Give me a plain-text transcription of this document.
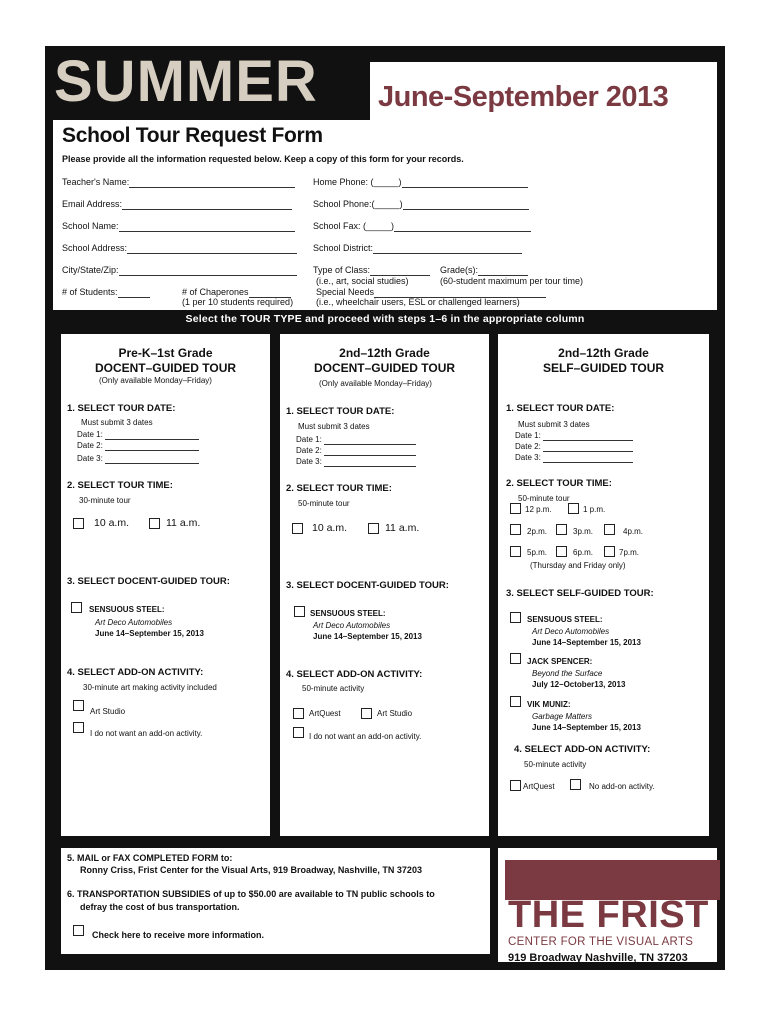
SUMMER June-September 2013
School Tour Request Form
Please provide all the information requested below. Keep a copy of this form for your records.
Teacher's Name:	Home Phone: (_____)
Email Address:	School Phone:(_____)
School Name:	School Fax: (_____)
School Address:	School District:
City/State/Zip:	Type of Class:	Grade(s):
(i.e., art, social studies)	(60-student maximum per tour time)
# of Students:	# of Chaperones	Special Needs
(1 per 10 students required)	(i.e., wheelchair users, ESL or challenged learners)
Select the TOUR TYPE and proceed with steps 1–6 in the appropriate column
Pre-K–1st Grade
DOCENT–GUIDED TOUR
(Only available Monday–Friday)
1. SELECT TOUR DATE:
Must submit 3 dates
Date 1:
Date 2:
Date 3:
2. SELECT TOUR TIME:
30-minute tour
10 a.m.	11 a.m.
3. SELECT DOCENT-GUIDED TOUR:
SENSUOUS STEEL:
Art Deco Automobiles
June 14–September 15, 2013
4. SELECT ADD-ON ACTIVITY:
30-minute art making activity included
Art Studio
I do not want an add-on activity.
2nd–12th Grade
DOCENT–GUIDED TOUR
(Only available Monday–Friday)
1. SELECT TOUR DATE:
Must submit 3 dates
Date 1:
Date 2:
Date 3:
2. SELECT TOUR TIME:
50-minute tour
10 a.m.	11 a.m.
3. SELECT DOCENT-GUIDED TOUR:
SENSUOUS STEEL:
Art Deco Automobiles
June 14–September 15, 2013
4. SELECT ADD-ON ACTIVITY:
50-minute activity
ArtQuest	Art Studio
I do not want an add-on activity.
2nd–12th Grade
SELF–GUIDED TOUR
1. SELECT TOUR DATE:
Must submit 3 dates
Date 1:
Date 2:
Date 3:
2. SELECT TOUR TIME:
50-minute tour
12 p.m.	1 p.m.
2p.m.	3p.m.	4p.m.
5p.m.	6p.m.	7p.m.
(Thursday and Friday only)
3. SELECT SELF-GUIDED TOUR:
SENSUOUS STEEL:
Art Deco Automobiles
June 14–September 15, 2013
JACK SPENCER:
Beyond the Surface
July 12–October13, 2013
VIK MUNIZ:
Garbage Matters
June 14–September 15, 2013
4. SELECT ADD-ON ACTIVITY:
50-minute activity
ArtQuest	No add-on activity.
5. MAIL or FAX COMPLETED FORM to:
Ronny Criss, Frist Center for the Visual Arts, 919 Broadway, Nashville, TN 37203
6. TRANSPORTATION SUBSIDIES of up to $50.00 are available to TN public schools to
defray the cost of bus transportation.
Check here to receive more information.	THE FRIST
CENTER FOR THE VISUAL ARTS
919 Broadway Nashville, TN 37203
